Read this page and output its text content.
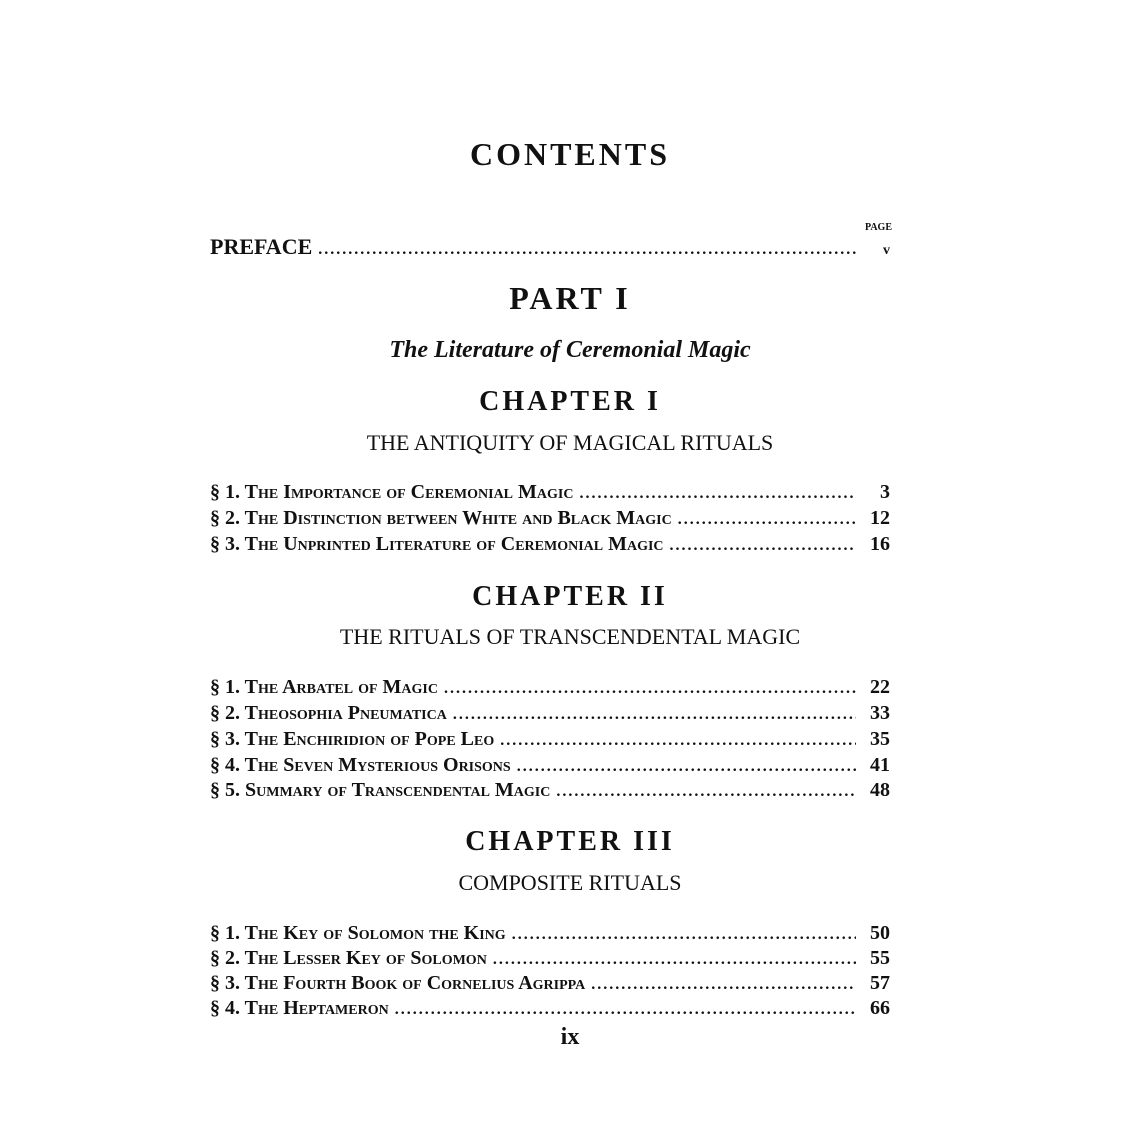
CONTENTS
PAGE
PREFACE .....	v
PART I
The Literature of Ceremonial Magic
CHAPTER I
THE ANTIQUITY OF MAGICAL RITUALS
§ 1. The Importance of Ceremonial Magic .....	3
§ 2. The Distinction between White and Black Magic .....	12
§ 3. The Unprinted Literature of Ceremonial Magic .....	16
CHAPTER II
THE RITUALS OF TRANSCENDENTAL MAGIC
§ 1. The Arbatel of Magic .....	22
§ 2. Theosophia Pneumatica .....	33
§ 3. The Enchiridion of Pope Leo .....	35
§ 4. The Seven Mysterious Orisons .....	41
§ 5. Summary of Transcendental Magic .....	48
CHAPTER III
COMPOSITE RITUALS
§ 1. The Key of Solomon the King .....	50
§ 2. The Lesser Key of Solomon .....	55
§ 3. The Fourth Book of Cornelius Agrippa .....	57
§ 4. The Heptameron .....	66
ix
